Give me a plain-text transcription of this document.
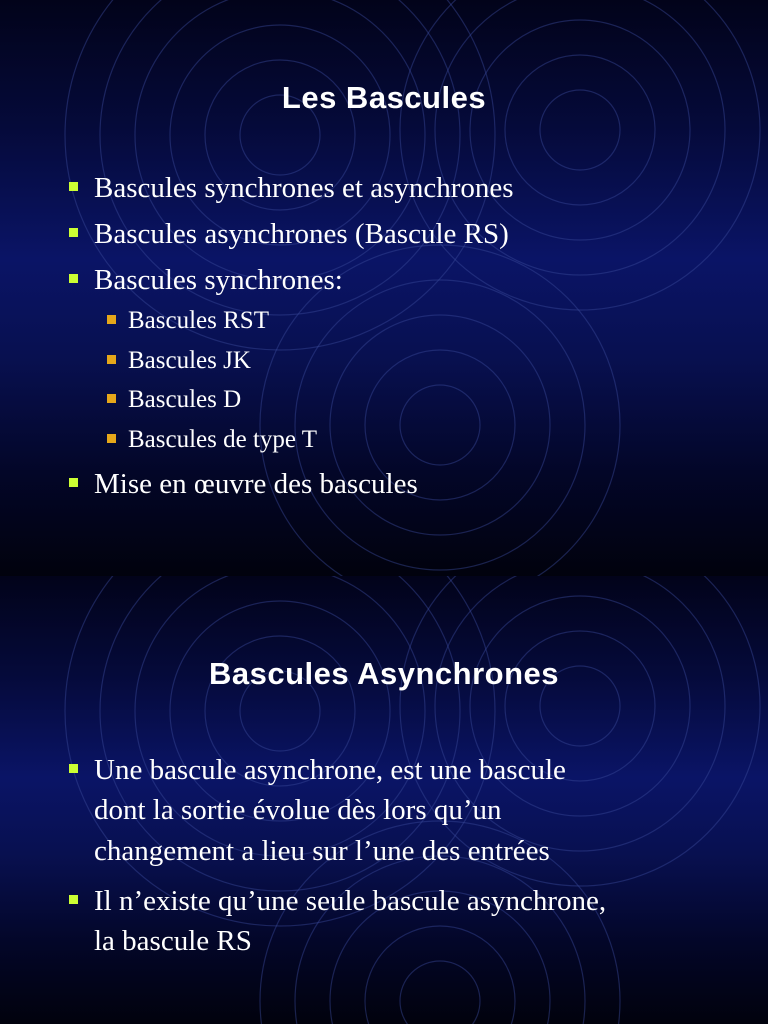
Les Bascules
Bascules synchrones et asynchrones
Bascules asynchrones (Bascule RS)
Bascules synchrones:
Bascules RST
Bascules JK
Bascules D
Bascules de type T
Mise en œuvre des bascules
Bascules Asynchrones
Une bascule asynchrone, est une bascule
dont la sortie évolue dès lors qu’un
changement a lieu sur l’une des entrées
Il n’existe qu’une seule bascule asynchrone,
la bascule RS
